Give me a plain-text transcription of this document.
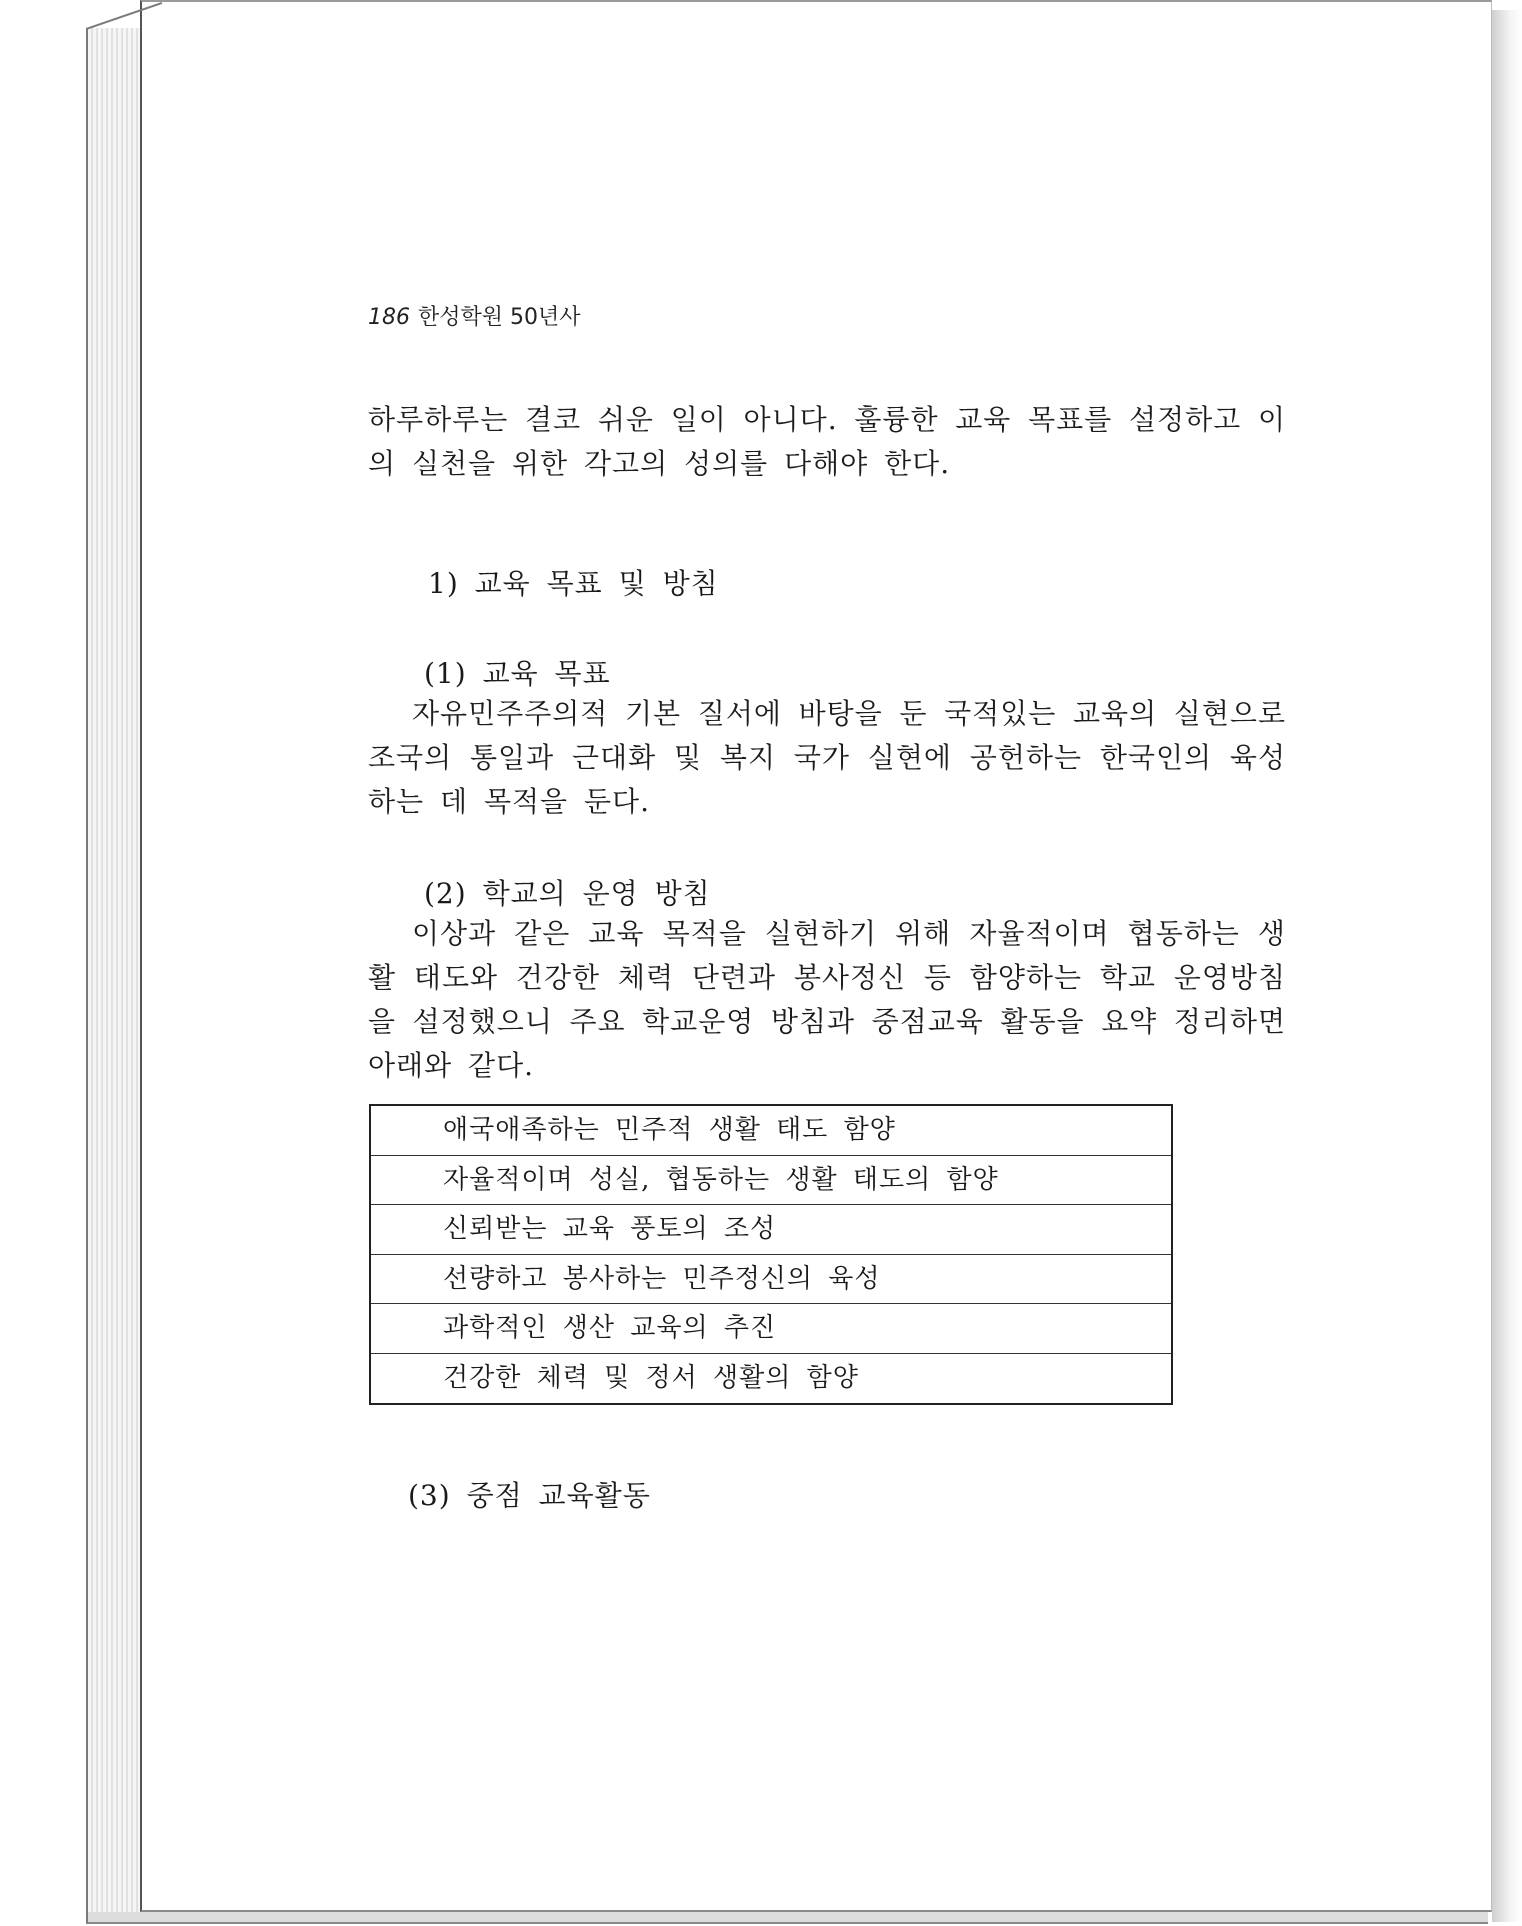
186 한성학원 50년사

하루하루는 결코 쉬운 일이 아니다. 훌륭한 교육 목표를 설정하고 이의 실천을 위한 각고의 성의를 다해야 한다.

1) 교육 목표 및 방침
(1) 교육 목표

자유민주주의적 기본 질서에 바탕을 둔 국적있는 교육의 실현으로 조국의 통일과 근대화 및 복지 국가 실현에 공헌하는 한국인의 육성하는 데 목적을 둔다.

(2) 학교의 운영 방침

이상과 같은 교육 목적을 실현하기 위해 자율적이며 협동하는 생활 태도와 건강한 체력 단련과 봉사정신 등 함양하는 학교 운영방침을 설정했으니 주요 학교운영 방침과 중점교육 활동을 요약 정리하면 아래와 같다.

애국애족하는 민주적 생활 태도 함양
자율적이며 성실, 협동하는 생활 태도의 함양
신뢰받는 교육 풍토의 조성
선량하고 봉사하는 민주정신의 육성
과학적인 생산 교육의 추진
건강한 체력 및 정서 생활의 함양
(3) 중점 교육활동
